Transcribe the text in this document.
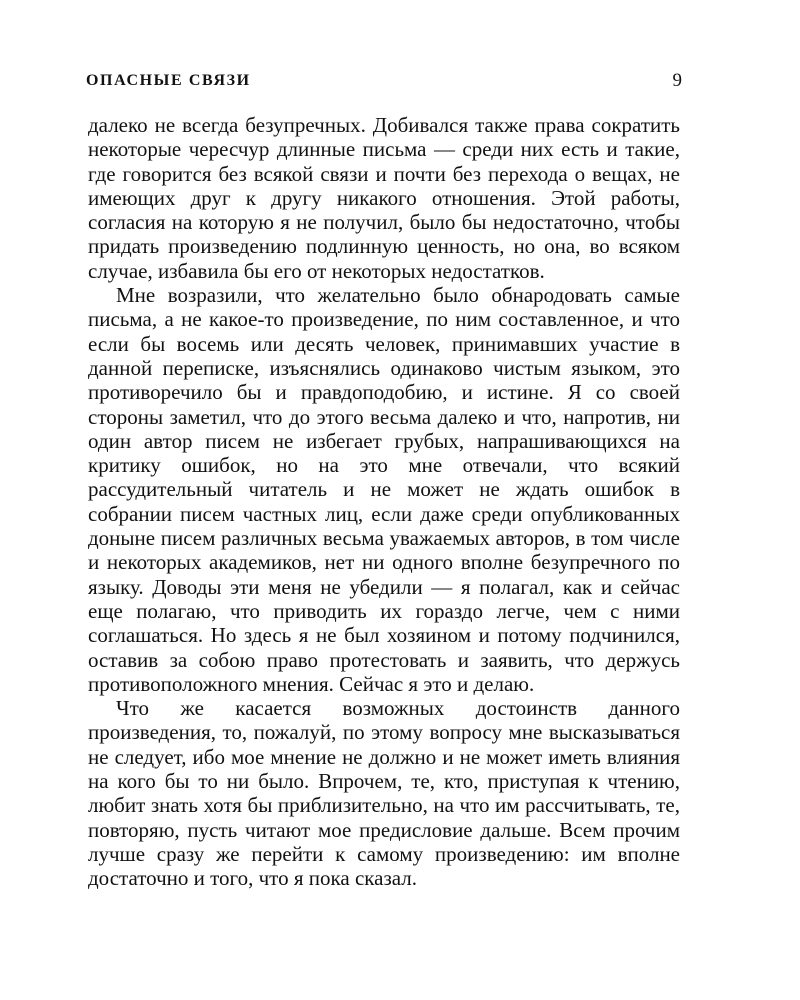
ОПАСНЫЕ СВЯЗИ	9

далеко не всегда безупречных. Добивался также права сократить некоторые чересчур длинные письма — среди них есть и такие, где говорится без всякой связи и почти без перехода о вещах, не имеющих друг к другу никакого отношения. Этой работы, согласия на которую я не получил, было бы недостаточно, чтобы придать произведению подлинную ценность, но она, во всяком случае, избавила бы его от некоторых недостатков.

Мне возразили, что желательно было обнародовать самые письма, а не какое-то произведение, по ним составленное, и что если бы восемь или десять человек, принимавших участие в данной переписке, изъяснялись одинаково чистым языком, это противоречило бы и правдоподобию, и истине. Я со своей стороны заметил, что до этого весьма далеко и что, напротив, ни один автор писем не избегает грубых, напрашивающихся на критику ошибок, но на это мне отвечали, что всякий рассудительный читатель и не может не ждать ошибок в собрании писем частных лиц, если даже среди опубликованных доныне писем различных весьма уважаемых авторов, в том числе и некоторых академиков, нет ни одного вполне безупречного по языку. Доводы эти меня не убедили — я полагал, как и сейчас еще полагаю, что приводить их гораздо легче, чем с ними соглашаться. Но здесь я не был хозяином и потому подчинился, оставив за собою право протестовать и заявить, что держусь противоположного мнения. Сейчас я это и делаю.

Что же касается возможных достоинств данного произведения, то, пожалуй, по этому вопросу мне высказываться не следует, ибо мое мнение не должно и не может иметь влияния на кого бы то ни было. Впрочем, те, кто, приступая к чтению, любит знать хотя бы приблизительно, на что им рассчитывать, те, повторяю, пусть читают мое предисловие дальше. Всем прочим лучше сразу же перейти к самому произведению: им вполне достаточно и того, что я пока сказал.
